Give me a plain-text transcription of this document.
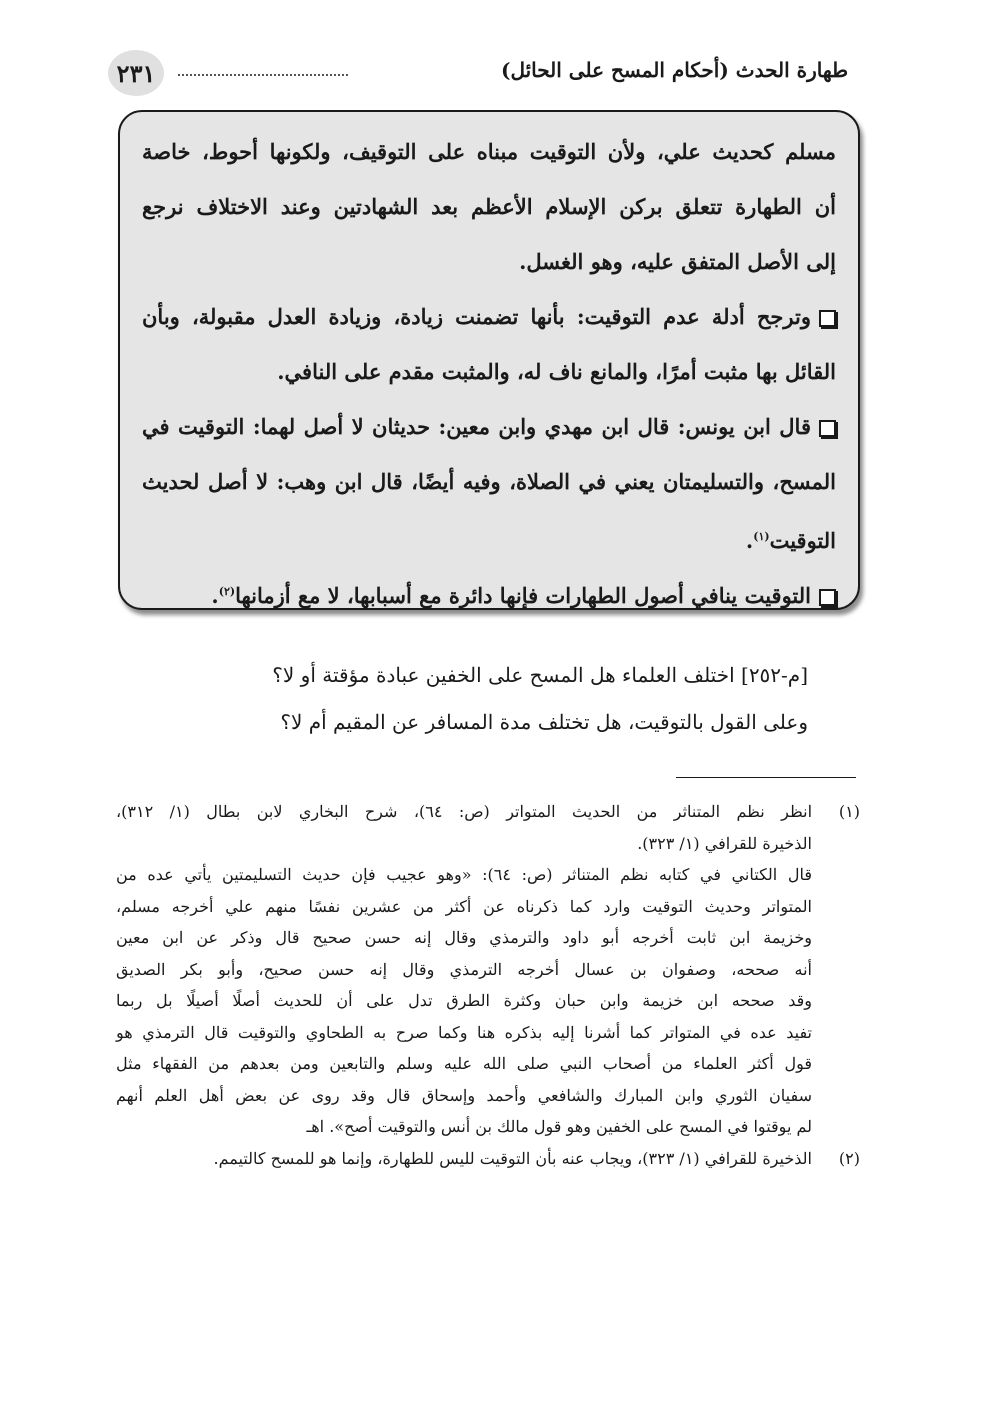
٢٣١	طهارة الحدث (أحكام المسح على الحائل)
مسلم كحديث علي، ولأن التوقيت مبناه على التوقيف، ولكونها أحوط، خاصة
أن الطهارة تتعلق بركن الإسلام الأعظم بعد الشهادتين وعند الاختلاف نرجع
إلى الأصل المتفق عليه، وهو الغسل.
وترجح أدلة عدم التوقيت: بأنها تضمنت زيادة، وزيادة العدل مقبولة، وبأن
القائل بها مثبت أمرًا، والمانع ناف له، والمثبت مقدم على النافي.
قال ابن يونس: قال ابن مهدي وابن معين: حديثان لا أصل لهما: التوقيت في
المسح، والتسليمتان يعني في الصلاة، وفيه أيضًا، قال ابن وهب: لا أصل لحديث
التوقيت$^{(١)}$.
التوقيت ينافي أصول الطهارات فإنها دائرة مع أسبابها، لا مع أزمانها$^{(٢)}$.
[م-٢٥٢] اختلف العلماء هل المسح على الخفين عبادة مؤقتة أو لا؟
وعلى القول بالتوقيت، هل تختلف مدة المسافر عن المقيم أم لا؟
(١)
انظر نظم المتناثر من الحديث المتواتر (ص: ٦٤)، شرح البخاري لابن بطال (١/ ٣١٢)،
الذخيرة للقرافي (١/ ٣٢٣).
قال الكتاني في كتابه نظم المتناثر (ص: ٦٤): «وهو عجيب فإن حديث التسليمتين يأتي عده من
المتواتر وحديث التوقيت وارد كما ذكرناه عن أكثر من عشرين نفسًا منهم علي أخرجه مسلم،
وخزيمة ابن ثابت أخرجه أبو داود والترمذي وقال إنه حسن صحيح قال وذكر عن ابن معين
أنه صححه، وصفوان بن عسال أخرجه الترمذي وقال إنه حسن صحيح، وأبو بكر الصديق
وقد صححه ابن خزيمة وابن حبان وكثرة الطرق تدل على أن للحديث أصلًا أصيلًا بل ربما
تفيد عده في المتواتر كما أشرنا إليه بذكره هنا وكما صرح به الطحاوي والتوقيت قال الترمذي هو
قول أكثر العلماء من أصحاب النبي صلى الله عليه وسلم والتابعين ومن بعدهم من الفقهاء مثل
سفيان الثوري وابن المبارك والشافعي وأحمد وإسحاق قال وقد روى عن بعض أهل العلم أنهم
لم يوقتوا في المسح على الخفين وهو قول مالك بن أنس والتوقيت أصح». اهـ
(٢)
الذخيرة للقرافي (١/ ٣٢٣)، ويجاب عنه بأن التوقيت لليس للطهارة، وإنما هو للمسح كالتيمم.
